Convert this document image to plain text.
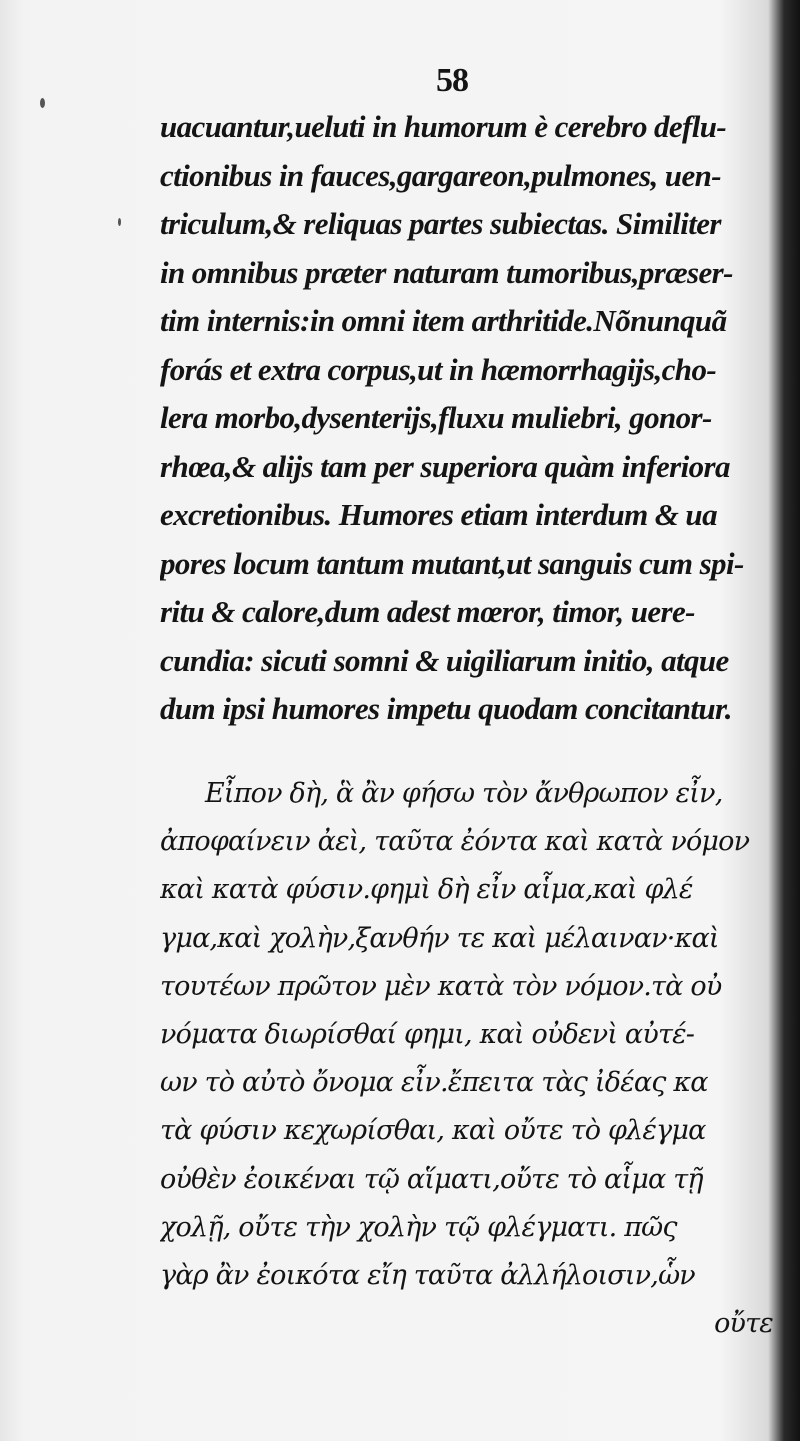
58
uacuantur,ueluti in humorum è cerebro deflu-
ctionibus in fauces,gargareon,pulmones, uen-
triculum,& reliquas partes subiectas. Similiter
in omnibus præter naturam tumoribus,præser-
tim internis:in omni item arthritide.Nõnunquã
forás et extra corpus,ut in hæmorrhagijs,cho-
lera morbo,dysenterijs,fluxu muliebri, gonor-
rhœa,& alijs tam per superiora quàm inferiora
excretionibus. Humores etiam interdum & ua
pores locum tantum mutant,ut sanguis cum spi-
ritu & calore,dum adest mœror, timor, uere-
cundia: sicuti somni & uigiliarum initio, atque
dum ipsi humores impetu quodam concitantur.
Εἶπον δὴ, ἃ ἂν φήσω τὸν ἄνθρωπον εἶν,
ἀποφαίνειν ἀεὶ, ταῦτα ἐόντα καὶ κατὰ νόμον
καὶ κατὰ φύσιν.φημὶ δὴ εἶν αἷμα,καὶ φλέ
γμα,καὶ χολὴν,ξανθήν τε καὶ μέλαιναν·καὶ
τουτέων πρῶτον μὲν κατὰ τὸν νόμον.τὰ οὐ
νόματα διωρίσθαί φημι, καὶ οὐδενὶ αὐτέ-
ων τὸ αὐτὸ ὄνομα εἶν.ἔπειτα τὰς ἰδέας κα
τὰ φύσιν κεχωρίσθαι, καὶ οὔτε τὸ φλέγμα
οὐθὲν ἐοικέναι τῷ αἵματι,οὔτε τὸ αἷμα τῇ
χολῇ, οὔτε τὴν χολὴν τῷ φλέγματι. πῶς
γὰρ ἂν ἐοικότα εἴη ταῦτα ἀλλήλοισιν,ὧν
οὔτε
